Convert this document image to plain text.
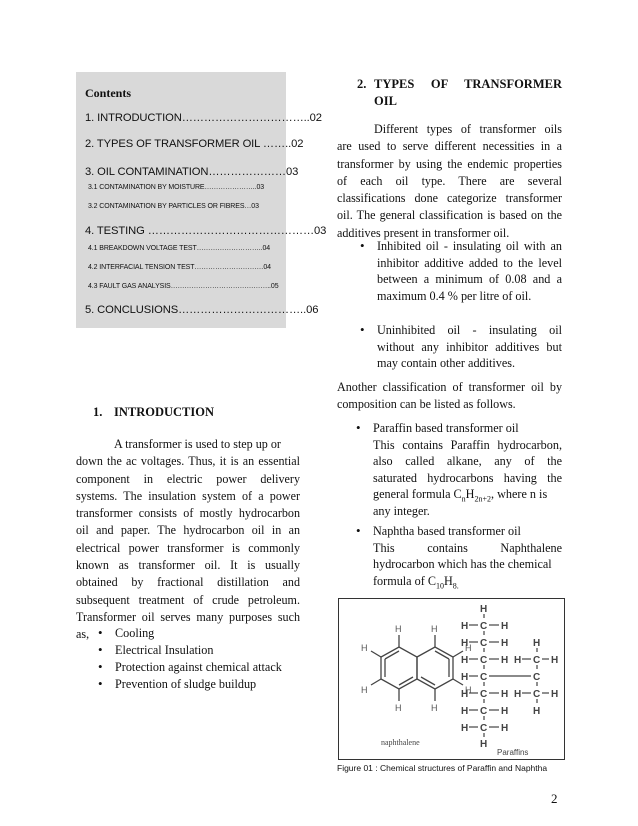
Contents
1. INTRODUCTION……………………………..02
2. TYPES OF TRANSFORMER OIL ……..02
3. OIL CONTAMINATION…………………03
3.1 CONTAMINATION BY MOISTURE…………………..03
3.2 CONTAMINATION BY PARTICLES OR FIBRES…03
4. TESTING ………………………………………03
4.1 BREAKDOWN VOLTAGE TEST………………………..04
4.2 INTERFACIAL TENSION TEST…………………………04
4.3 FAULT GAS ANALYSIS……………………………………..05
5. CONCLUSIONS……………………………..06
1. INTRODUCTION
A transformer is used to step up or
down the ac voltages. Thus, it is an essential
component in electric power delivery
systems. The insulation system of a power
transformer consists of mostly hydrocarbon
oil and paper. The hydrocarbon oil in an
electrical power transformer is commonly
known as transformer oil. It is usually
obtained by fractional distillation and
subsequent treatment of crude petroleum.
Transformer oil serves many purposes such
as,	• Cooling
• Electrical Insulation
• Protection against chemical attack
• Prevention of sludge buildup
2. TYPES OF TRANSFORMER
OIL
Different types of transformer oils
are used to serve different necessities in a
transformer by using the endemic properties
of each oil type. There are several
classifications done categorize transformer
oil. The general classification is based on the
additives present in transformer oil.
• Inhibited oil - insulating oil with an
inhibitor additive added to the level
between a minimum of 0.08 and a
maximum 0.4 % per litre of oil.
• Uninhibited oil - insulating oil
without any inhibitor additives but
may contain other additives.
Another classification of transformer oil by
composition can be listed as follows.
• Paraffin based transformer oil
This contains Paraffin hydrocarbon,
also called alkane, any of the
saturated hydrocarbons having the
general formula $C_nH_{2n+2}$, where n is
any integer.
• Naphtha based transformer oil
This contains Naphthalene
hydrocarbon which has the chemical
formula of $C_{10}H_{8.}$
H	H
H	H
H	H
H	H
naphthalene
H C H
H C H
H C H
H C
H C H
H C H
H C H
H
H C H
C
H C H
H
H
H
Paraffins
Figure 01 : Chemical structures of Paraffin and Naphtha
2
